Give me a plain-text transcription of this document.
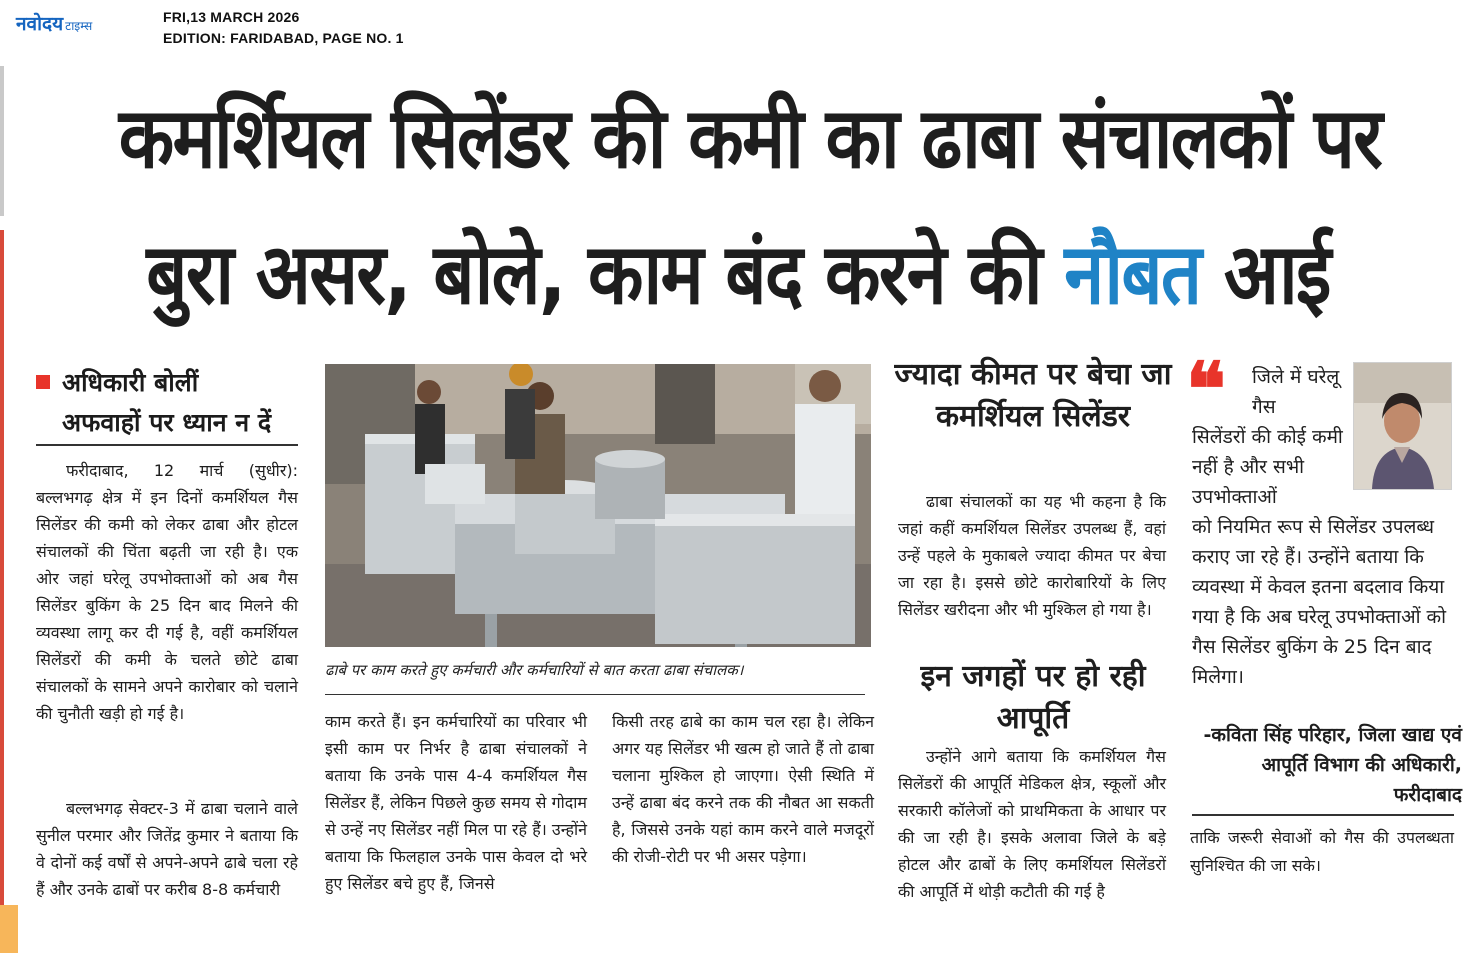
नवोदय टाइम्स
FRI,13 MARCH 2026
EDITION: FARIDABAD, PAGE NO. 1
कमर्शियल सिलेंडर की कमी का ढाबा संचालकों पर
बुरा असर, बोले, काम बंद करने की नौबत आई
अधिकारी बोलीं
अफवाहों पर ध्यान न दें

फरीदाबाद, 12 मार्च (सुधीर): बल्लभगढ़ क्षेत्र में इन दिनों कमर्शियल गैस सिलेंडर की कमी को लेकर ढाबा और होटल संचालकों की चिंता बढ़ती जा रही है। एक ओर जहां घरेलू उपभोक्ताओं को अब गैस सिलेंडर बुकिंग के 25 दिन बाद मिलने की व्यवस्था लागू कर दी गई है, वहीं कमर्शियल सिलेंडरों की कमी के चलते छोटे ढाबा संचालकों के सामने अपने कारोबार को चलाने की चुनौती खड़ी हो गई है।

बल्लभगढ़ सेक्टर-3 में ढाबा चलाने वाले सुनील परमार और जितेंद्र कुमार ने बताया कि वे दोनों कई वर्षों से अपने-अपने ढाबे चला रहे हैं और उनके ढाबों पर करीब 8-8 कर्मचारी

ढाबे पर काम करते हुए कर्मचारी और कर्मचारियों से बात करता ढाबा संचालक।

काम करते हैं। इन कर्मचारियों का परिवार भी इसी काम पर निर्भर है ढाबा संचालकों ने बताया कि उनके पास 4-4 कमर्शियल गैस सिलेंडर हैं, लेकिन पिछले कुछ समय से गोदाम से उन्हें नए सिलेंडर नहीं मिल पा रहे हैं। उन्होंने बताया कि फिलहाल उनके पास केवल दो भरे हुए सिलेंडर बचे हुए हैं, जिनसे

किसी तरह ढाबे का काम चल रहा है। लेकिन अगर यह सिलेंडर भी खत्म हो जाते हैं तो ढाबा चलाना मुश्किल हो जाएगा। ऐसी स्थिति में उन्हें ढाबा बंद करने तक की नौबत आ सकती है, जिससे उनके यहां काम करने वाले मजदूरों की रोजी-रोटी पर भी असर पड़ेगा।

ज्यादा कीमत पर बेचा जा कमर्शियल सिलेंडर

ढाबा संचालकों का यह भी कहना है कि जहां कहीं कमर्शियल सिलेंडर उपलब्ध हैं, वहां उन्हें पहले के मुकाबले ज्यादा कीमत पर बेचा जा रहा है। इससे छोटे कारोबारियों के लिए सिलेंडर खरीदना और भी मुश्किल हो गया है।

इन जगहों पर हो रही आपूर्ति

उन्होंने आगे बताया कि कमर्शियल गैस सिलेंडरों की आपूर्ति मेडिकल क्षेत्र, स्कूलों और सरकारी कॉलेजों को प्राथमिकता के आधार पर की जा रही है। इसके अलावा जिले के बड़े होटल और ढाबों के लिए कमर्शियल सिलेंडरों की आपूर्ति में थोड़ी कटौती की गई है

❝ जिले में घरेलू गैस
सिलेंडरों की कोई कमी नहीं है और सभी उपभोक्ताओं
को नियमित रूप से सिलेंडर उपलब्ध कराए जा रहे हैं। उन्होंने बताया कि व्यवस्था में केवल इतना बदलाव किया गया है कि अब घरेलू उपभोक्ताओं को गैस सिलेंडर बुकिंग के 25 दिन बाद मिलेगा।
-कविता सिंह परिहार, जिला खाद्य एवं आपूर्ति विभाग की अधिकारी, फरीदाबाद

ताकि जरूरी सेवाओं को गैस की उपलब्धता सुनिश्चित की जा सके।
